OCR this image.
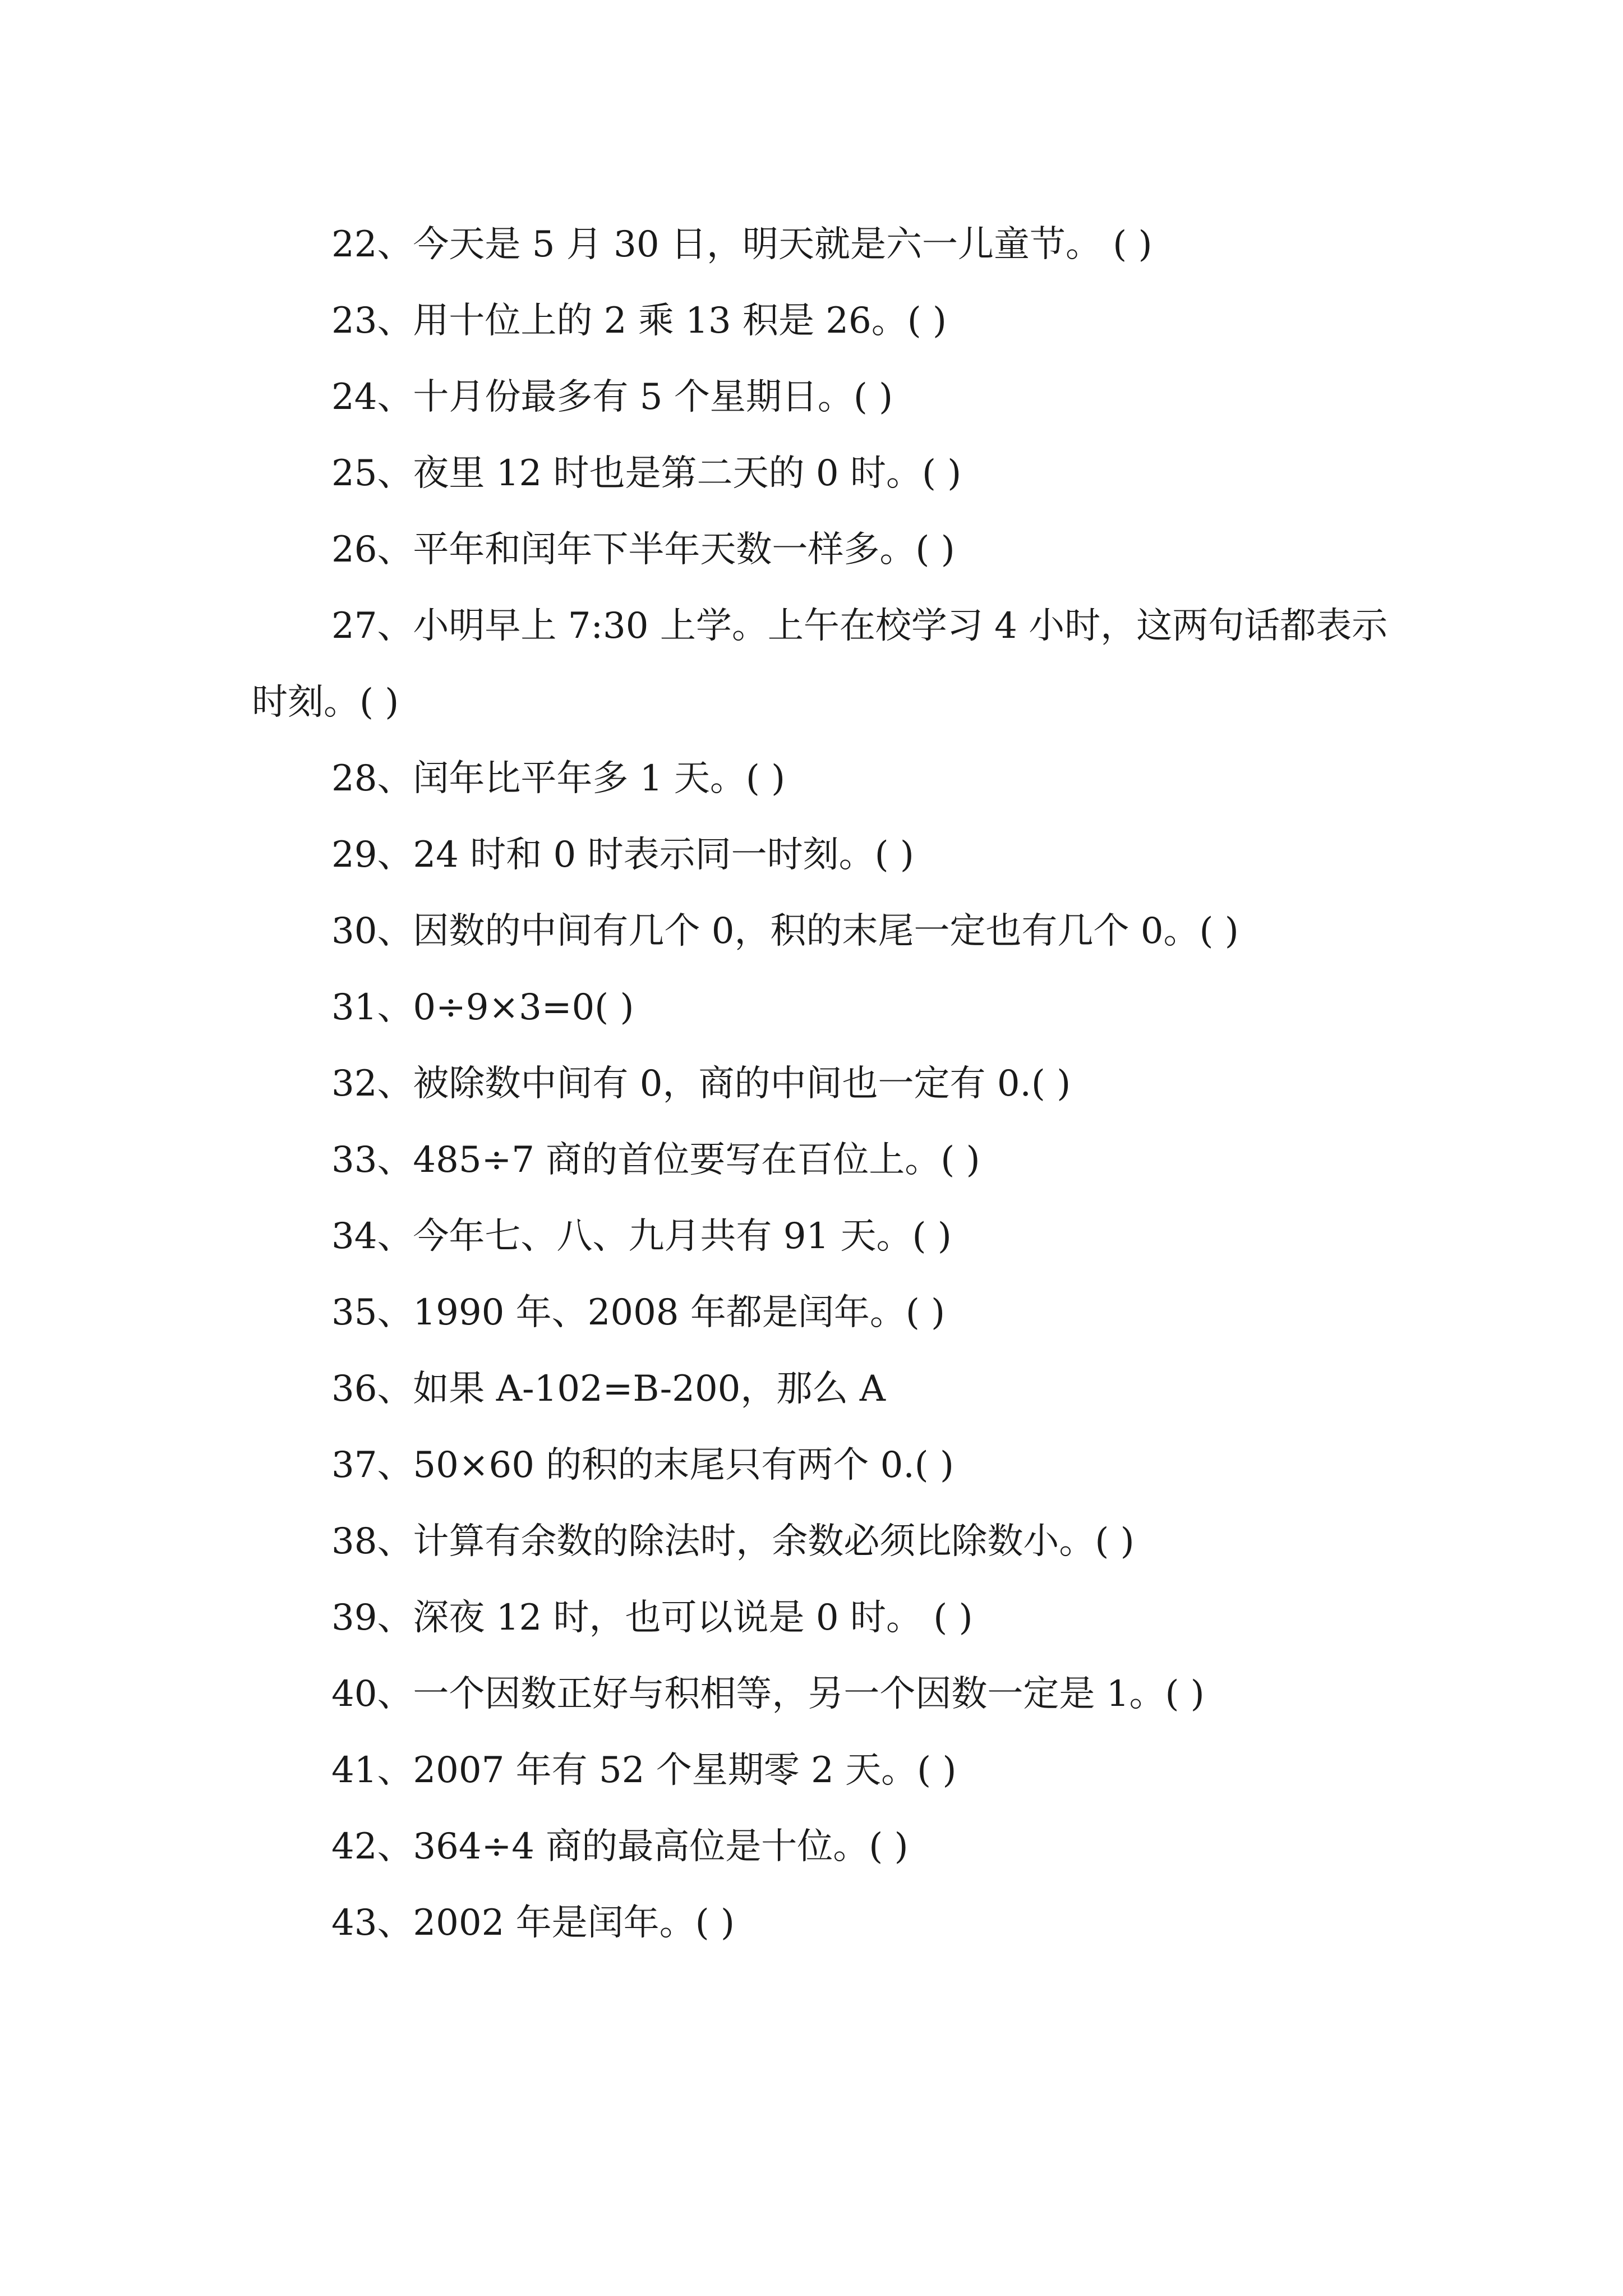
22、今天是 5 月 30 日，明天就是六一儿童节。 ( )

23、用十位上的 2 乘 13 积是 26。( )

24、十月份最多有 5 个星期日。( )

25、夜里 12 时也是第二天的 0 时。( )

26、平年和闰年下半年天数一样多。( )

27、小明早上 7:30 上学。上午在校学习 4 小时，这两句话都表示时刻。( )

28、闰年比平年多 1 天。( )

29、24 时和 0 时表示同一时刻。( )

30、因数的中间有几个 0，积的末尾一定也有几个 0。( )

31、0÷9×3=0( )

32、被除数中间有 0，商的中间也一定有 0.( )

33、485÷7 商的首位要写在百位上。( )

34、今年七、八、九月共有 91 天。( )

35、1990 年、2008 年都是闰年。( )

36、如果 A-102=B-200，那么 A

37、50×60 的积的末尾只有两个 0.( )

38、计算有余数的除法时，余数必须比除数小。( )

39、深夜 12 时，也可以说是 0 时。 ( )

40、一个因数正好与积相等，另一个因数一定是 1。( )

41、2007 年有 52 个星期零 2 天。( )

42、364÷4 商的最高位是十位。( )

43、2002 年是闰年。( )
